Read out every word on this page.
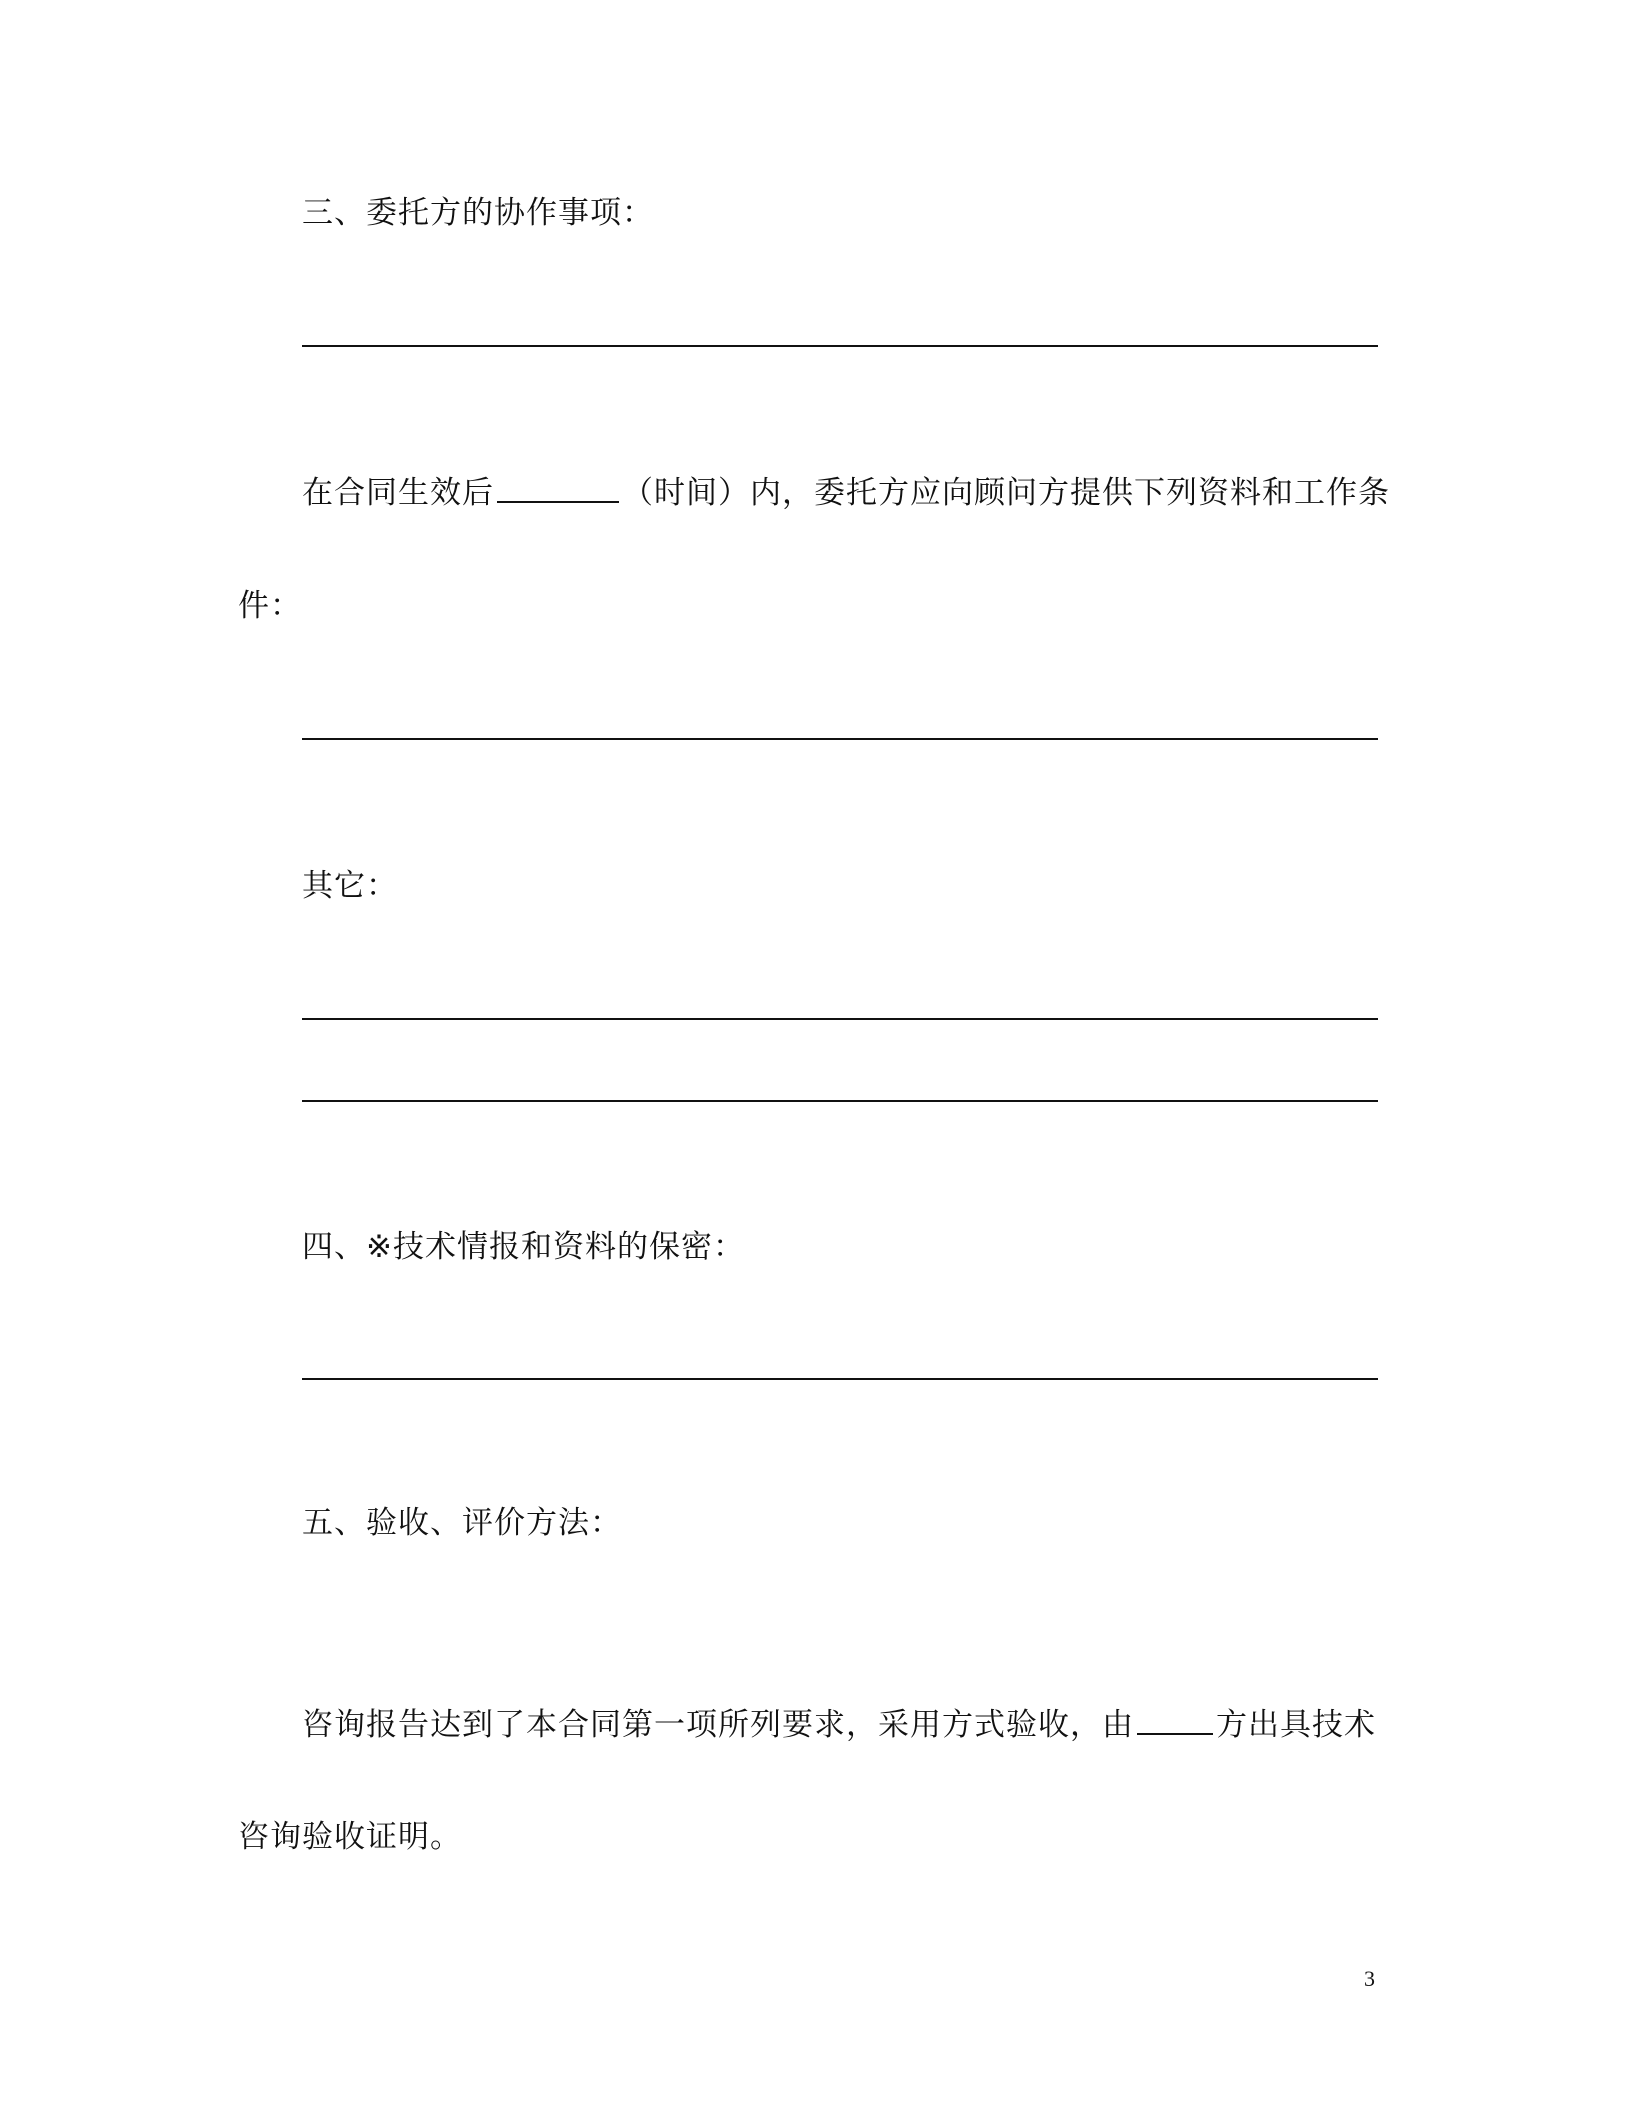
三、委托方的协作事项：
在合同生效后	（时间）内，委托方应向顾问方提供下列资料和工作条
件：
其它：
四、※技术情报和资料的保密：
五、验收、评价方法：
咨询报告达到了本合同第一项所列要求，采用方式验收，由	方出具技术
咨询验收证明。
3
